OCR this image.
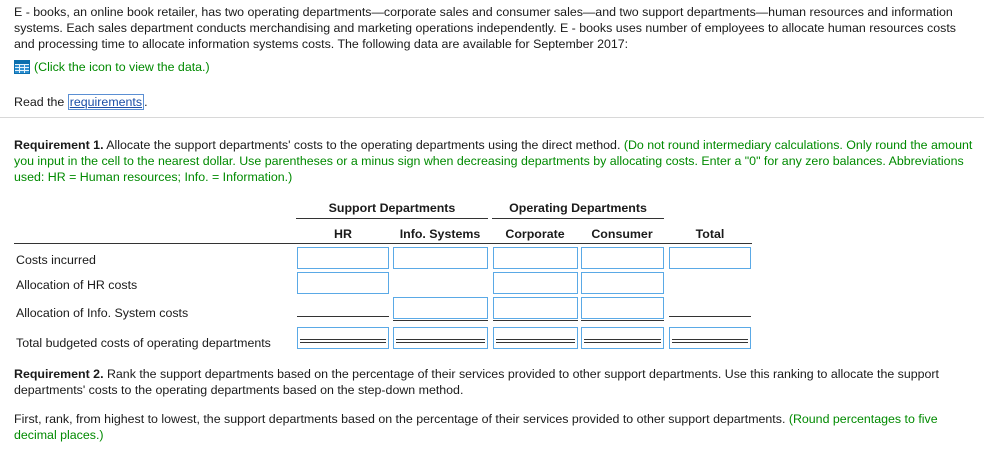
E - books, an online book retailer, has two operating departments—corporate sales and consumer sales—and two support departments—human resources and information systems. Each sales department conducts merchandising and marketing operations independently. E - books uses number of employees to allocate human resources costs and processing time to allocate information systems costs. The following data are available for September 2017:
(Click the icon to view the data.)
Read the requirements .
Requirement 1. Allocate the support departments' costs to the operating departments using the direct method. (Do not round intermediary calculations. Only round the amount you input in the cell to the nearest dollar. Use parentheses or a minus sign when decreasing departments by allocating costs. Enter a "0" for any zero balances. Abbreviations used: HR = Human resources; Info. = Information.)
Support Departments	Operating Departments
HR	Info. Systems	Corporate	Consumer	Total
Costs incurred
Allocation of HR costs
Allocation of Info. System costs
Total budgeted costs of operating departments
Requirement 2. Rank the support departments based on the percentage of their services provided to other support departments. Use this ranking to allocate the support departments' costs to the operating departments based on the step-down method.
First, rank, from highest to lowest, the support departments based on the percentage of their services provided to other support departments. (Round percentages to five decimal places.)
